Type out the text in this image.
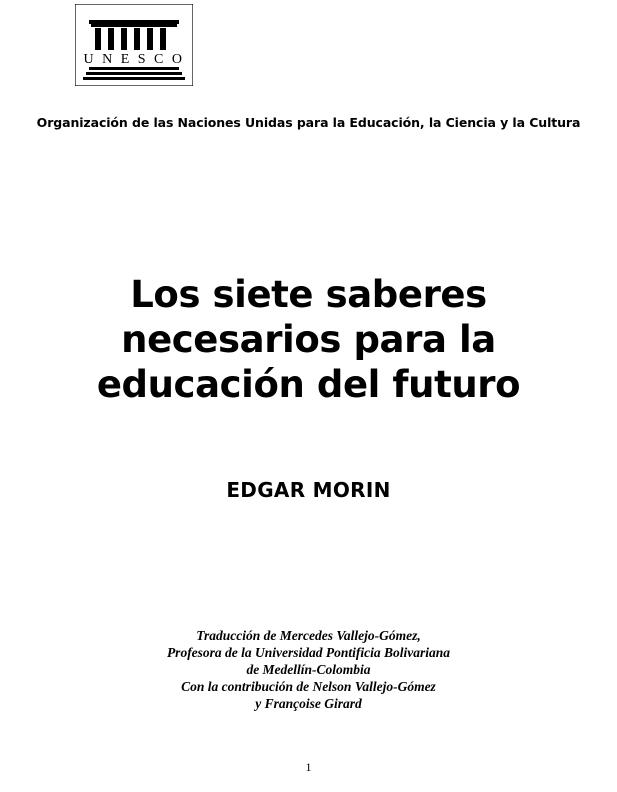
U N E S C O
Organización de las Naciones Unidas para la Educación, la Ciencia y la Cultura
Los siete saberes
necesarios para la
educación del futuro
EDGAR MORIN
Traducción de Mercedes Vallejo-Gómez,
Profesora de la Universidad Pontificia Bolivariana
de Medellín-Colombia
Con la contribución de Nelson Vallejo-Gómez
y Françoise Girard
1
